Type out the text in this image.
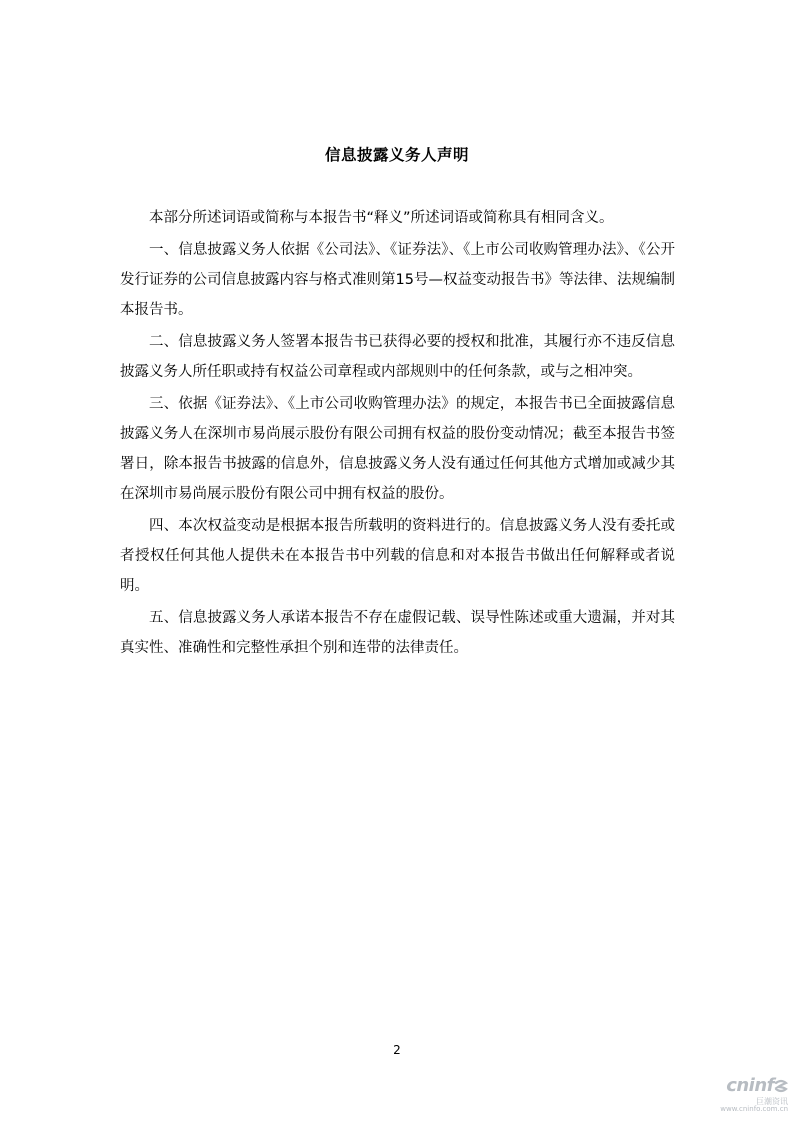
信息披露义务人声明

本部分所述词语或简称与本报告书“释义”所述词语或简称具有相同含义。

一、信息披露义务人依据《公司法》、《证券法》、《上市公司收购管理办法》、《公开发行证券的公司信息披露内容与格式准则第15号—权益变动报告书》等法律、法规编制本报告书。

二、信息披露义务人签署本报告书已获得必要的授权和批准，其履行亦不违反信息披露义务人所任职或持有权益公司章程或内部规则中的任何条款，或与之相冲突。

三、依据《证券法》、《上市公司收购管理办法》的规定，本报告书已全面披露信息披露义务人在深圳市易尚展示股份有限公司拥有权益的股份变动情况；截至本报告书签署日，除本报告书披露的信息外，信息披露义务人没有通过任何其他方式增加或减少其在深圳市易尚展示股份有限公司中拥有权益的股份。

四、本次权益变动是根据本报告所载明的资料进行的。信息披露义务人没有委托或者授权任何其他人提供未在本报告书中列载的信息和对本报告书做出任何解释或者说明。

五、信息披露义务人承诺本报告不存在虚假记载、误导性陈述或重大遗漏，并对其真实性、准确性和完整性承担个别和连带的法律责任。

2
cninf
巨潮资讯
www.cninfo.com.cn
